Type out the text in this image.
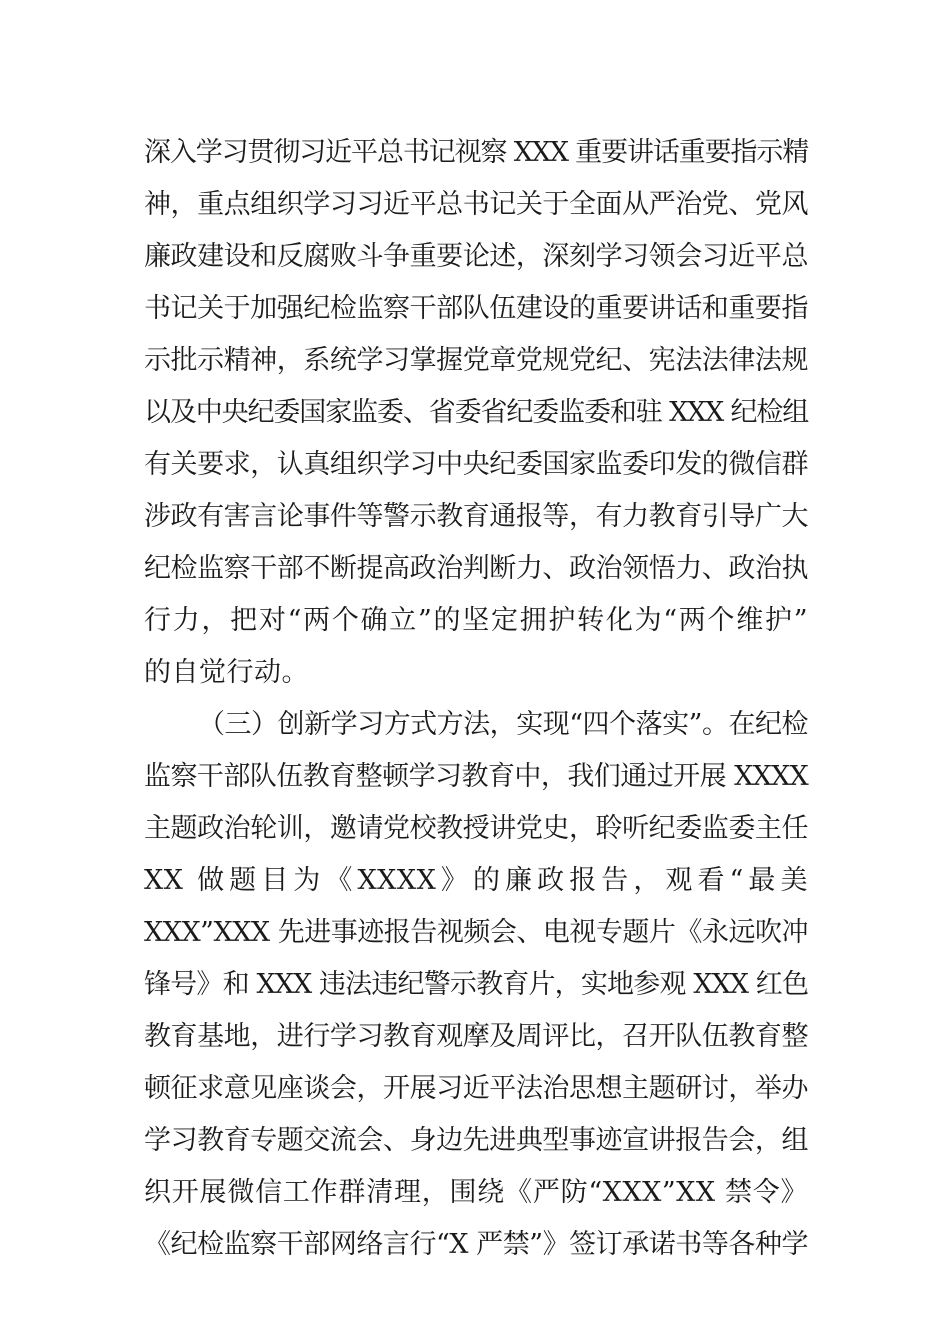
深入学习贯彻习近平总书记视察 XXX 重要讲话重要指示精
神，重点组织学习习近平总书记关于全面从严治党、党风
廉政建设和反腐败斗争重要论述，深刻学习领会习近平总
书记关于加强纪检监察干部队伍建设的重要讲话和重要指
示批示精神，系统学习掌握党章党规党纪、宪法法律法规
以及中央纪委国家监委、省委省纪委监委和驻 XXX 纪检组
有关要求，认真组织学习中央纪委国家监委印发的微信群
涉政有害言论事件等警示教育通报等，有力教育引导广大
纪检监察干部不断提高政治判断力、政治领悟力、政治执
行力，把对“两个确立”的坚定拥护转化为“两个维护”
的自觉行动。
（三）创新学习方式方法，实现“四个落实”。在纪检
监察干部队伍教育整顿学习教育中，我们通过开展 XXXX
主题政治轮训，邀请党校教授讲党史，聆听纪委监委主任
XX 做题目为《XXXX》的廉政报告，观看“最美
XXX”XXX 先进事迹报告视频会、电视专题片《永远吹冲
锋号》和 XXX 违法违纪警示教育片，实地参观 XXX 红色
教育基地，进行学习教育观摩及周评比，召开队伍教育整
顿征求意见座谈会，开展习近平法治思想主题研讨，举办
学习教育专题交流会、身边先进典型事迹宣讲报告会，组
织开展微信工作群清理，围绕《严防“XXX”XX 禁令》
《纪检监察干部网络言行“X 严禁”》签订承诺书等各种学
